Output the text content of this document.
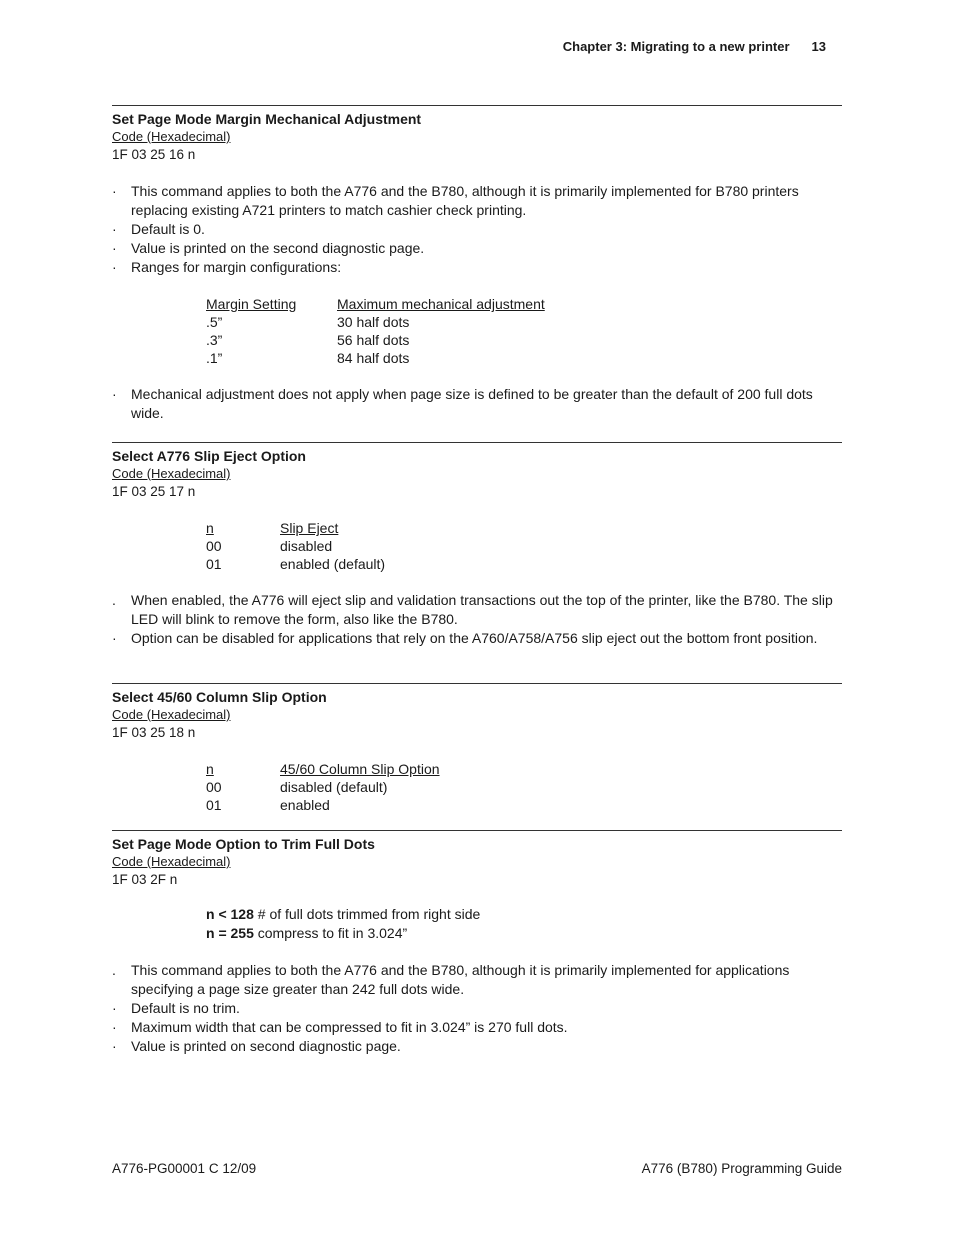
Chapter 3: Migrating to a new printer 13
Set Page Mode Margin Mechanical Adjustment
Code (Hexadecimal)
1F 03 25 16 n
· This command applies to both the A776 and the B780, although it is primarily implemented for B780 printers replacing existing A721 printers to match cashier check printing.
· Default is 0.
· Value is printed on the second diagnostic page.
· Ranges for margin configurations:
Margin Setting	Maximum mechanical adjustment
.5”	30 half dots
.3”	56 half dots
.1”	84 half dots
· Mechanical adjustment does not apply when page size is defined to be greater than the default of 200 full dots wide.
Select A776 Slip Eject Option
Code (Hexadecimal)
1F 03 25 17 n
n	Slip Eject
00	disabled
01	enabled (default)
. When enabled, the A776 will eject slip and validation transactions out the top of the printer, like the B780. The slip LED will blink to remove the form, also like the B780.
· Option can be disabled for applications that rely on the A760/A758/A756 slip eject out the bottom front position.
Select 45/60 Column Slip Option
Code (Hexadecimal)
1F 03 25 18 n
n	45/60 Column Slip Option
00	disabled (default)
01	enabled
Set Page Mode Option to Trim Full Dots
Code (Hexadecimal)
1F 03 2F n
n < 128 # of full dots trimmed from right side
n = 255 compress to fit in 3.024”
. This command applies to both the A776 and the B780, although it is primarily implemented for applications specifying a page size greater than 242 full dots wide.
· Default is no trim.
· Maximum width that can be compressed to fit in 3.024” is 270 full dots.
· Value is printed on second diagnostic page.
A776-PG00001 C 12/09	A776 (B780) Programming Guide
